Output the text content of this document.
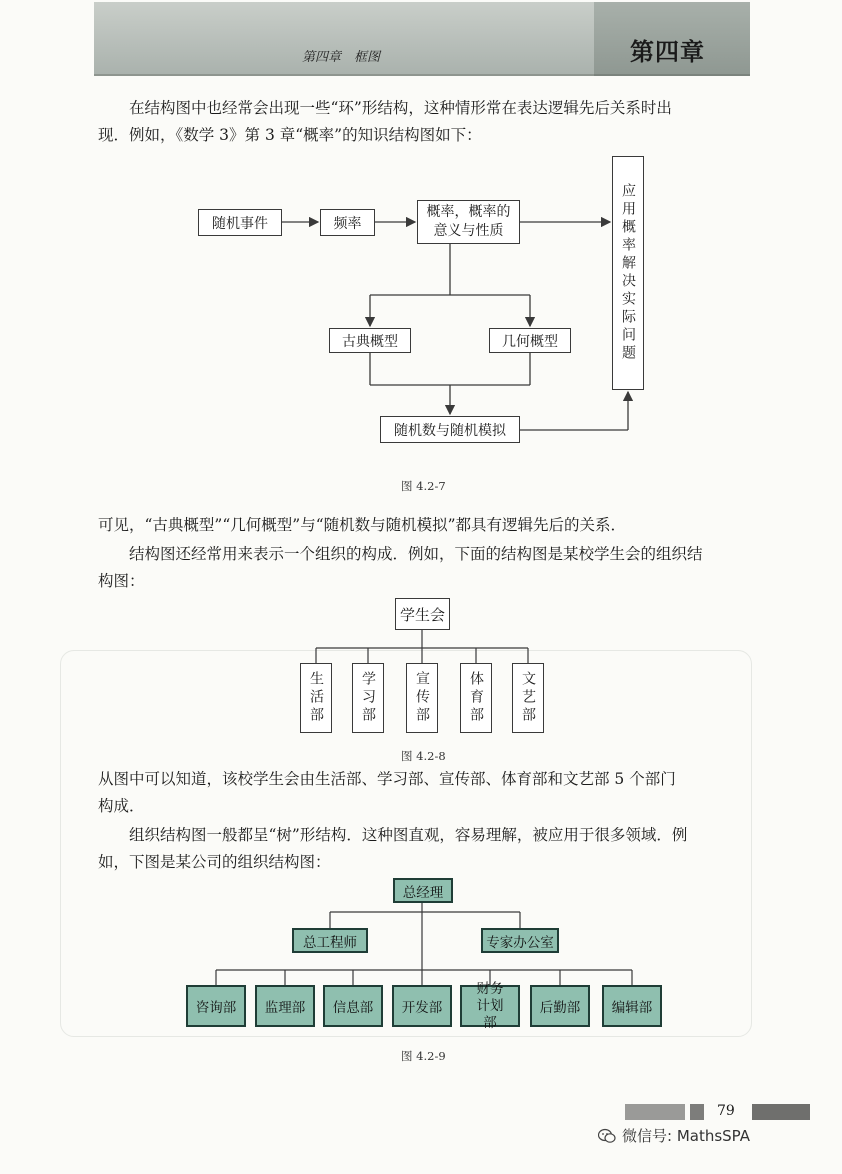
第四章　框图	第四章
在结构图中也经常会出现一些“环”形结构，这种情形常在表达逻辑先后关系时出
现．例如，《数学 3》第 3 章“概率”的知识结构图如下：
随机事件	频率
概率，概率的意义与性质	应用概率解决实际问题
古典概型	几何概型
随机数与随机模拟
图 4.2-7
可见，“古典概型”“几何概型”与“随机数与随机模拟”都具有逻辑先后的关系．
结构图还经常用来表示一个组织的构成．例如，下面的结构图是某校学生会的组织结
构图：
学生会
生活部	学习部	宣传部	体育部	文艺部
图 4.2-8
从图中可以知道，该校学生会由生活部、学习部、宣传部、体育部和文艺部 5 个部门
构成．
组织结构图一般都呈“树”形结构．这种图直观，容易理解，被应用于很多领域．例
如，下图是某公司的组织结构图：
总经理
总工程师	专家办公室
咨询部	监理部	信息部	开发部
财务计划部
后勤部	编辑部
图 4.2-9
79
微信号: MathsSPA
